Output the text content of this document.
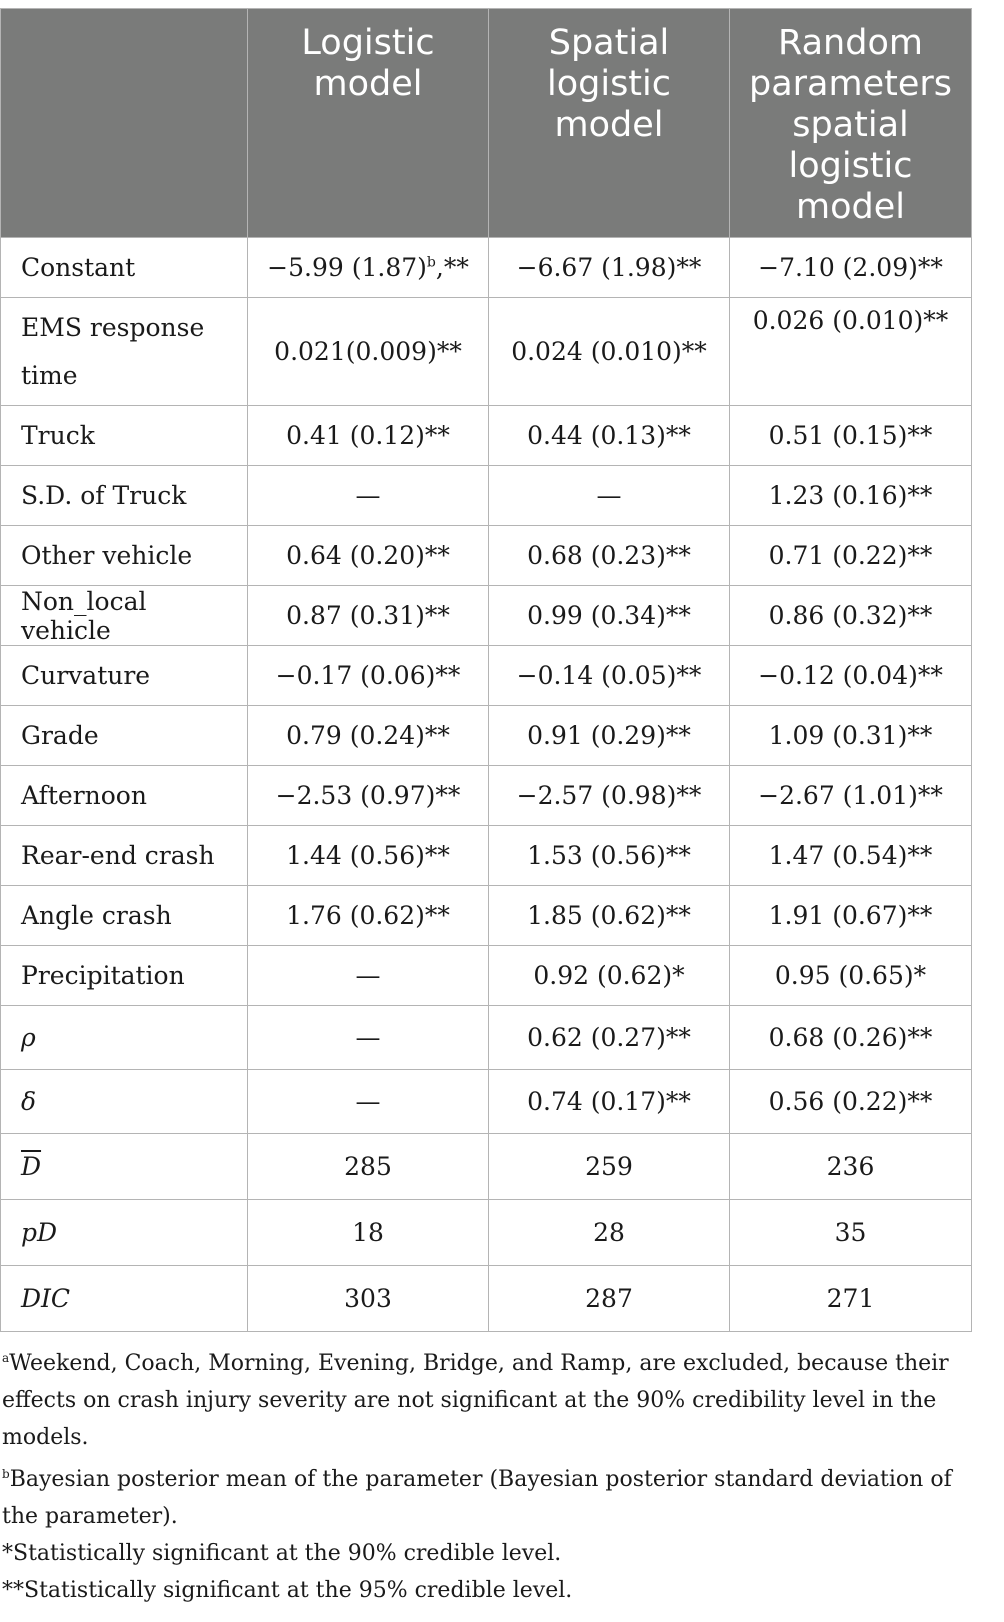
	Logistic
model	Spatial
logistic
model	Random
parameters
spatial
logistic
model

Constant	−5.99 $(1.87)^b,**$	−6.67 (1.98)**	−7.10 (2.09)**
EMS response time	0.021(0.009)**	0.024 (0.010)**	0.026 (0.010)**
Truck	0.41 (0.12)**	0.44 (0.13)**	0.51 (0.15)**
S.D. of Truck	—	—	1.23 (0.16)**
Other vehicle	0.64 (0.20)**	0.68 (0.23)**	0.71 (0.22)**
Non_local vehicle	0.87 (0.31)**	0.99 (0.34)**	0.86 (0.32)**
Curvature	−0.17 (0.06)**	−0.14 (0.05)**	−0.12 (0.04)**
Grade	0.79 (0.24)**	0.91 (0.29)**	1.09 (0.31)**
Afternoon	−2.53 (0.97)**	−2.57 (0.98)**	−2.67 (1.01)**
Rear-end crash	1.44 (0.56)**	1.53 (0.56)**	1.47 (0.54)**
Angle crash	1.76 (0.62)**	1.85 (0.62)**	1.91 (0.67)**
Precipitation	—	0.92 (0.62)*	0.95 (0.65)*
ρ	—	0.62 (0.27)**	0.68 (0.26)**
δ	—	0.74 (0.17)**	0.56 (0.22)**
$\overline{D}$	285	259	236
pD	18	28	35
DIC	303	287	271

$^a$Weekend, Coach, Morning, Evening, Bridge, and Ramp, are excluded, because their effects on crash injury severity are not significant at the 90% credibility level in the models.

$^b$Bayesian posterior mean of the parameter (Bayesian posterior standard deviation of the parameter).

*Statistically significant at the 90% credible level.

**Statistically significant at the 95% credible level.
